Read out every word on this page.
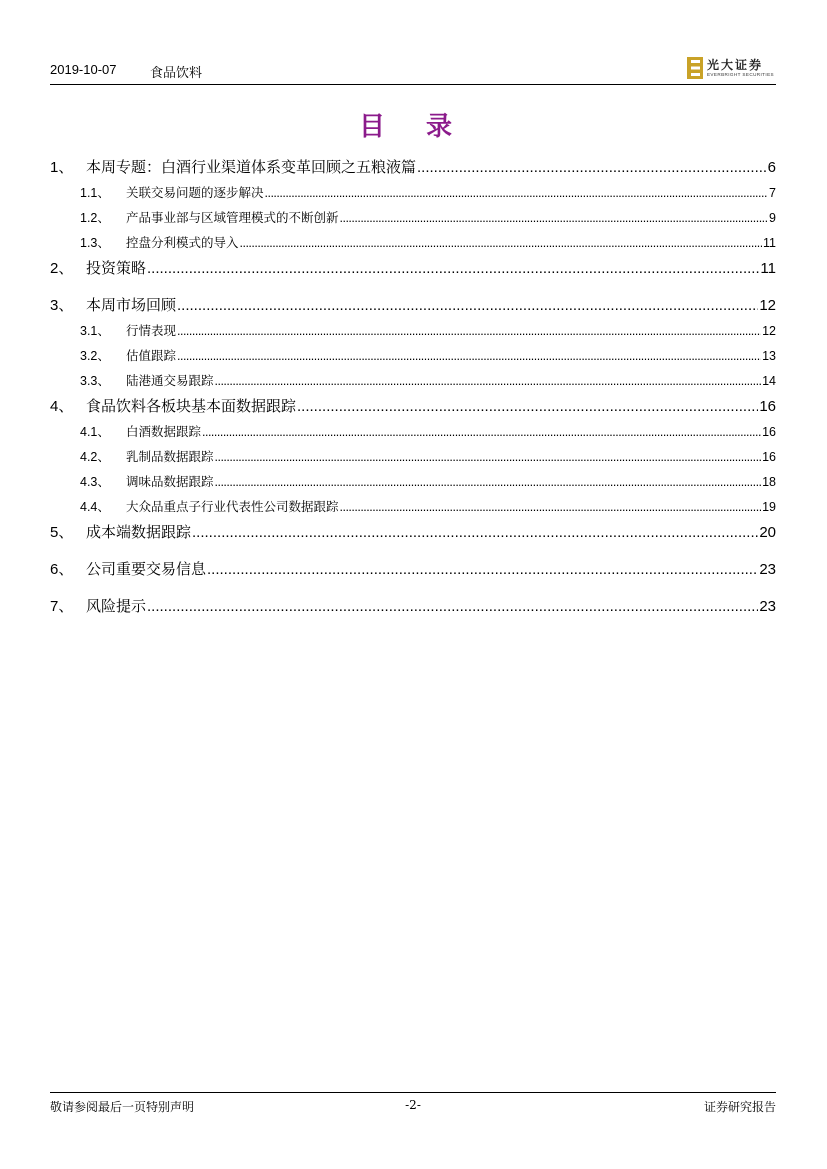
2019-10-07	食品饮料
光大证券
EVERBRIGHT SECURITIES
目 录
1、 本周专题：白酒行业渠道体系变革回顾之五粮液篇 .....	6
1.1、	关联交易问题的逐步解决 .....	7
1.2、	产品事业部与区域管理模式的不断创新 .....	9
1.3、	控盘分利模式的导入 .....	11
2、 投资策略 .....	11
3、 本周市场回顾 .....	12
3.1、	行情表现 .....	12
3.2、	估值跟踪 .....	13
3.3、	陆港通交易跟踪 .....	14
4、 食品饮料各板块基本面数据跟踪 .....	16
4.1、	白酒数据跟踪 .....	16
4.2、	乳制品数据跟踪 .....	16
4.3、	调味品数据跟踪 .....	18
4.4、	大众品重点子行业代表性公司数据跟踪 .....	19
5、 成本端数据跟踪 .....	20
6、 公司重要交易信息 .....	23
7、 风险提示 .....	23
敬请参阅最后一页特别声明	-2-	证券研究报告
